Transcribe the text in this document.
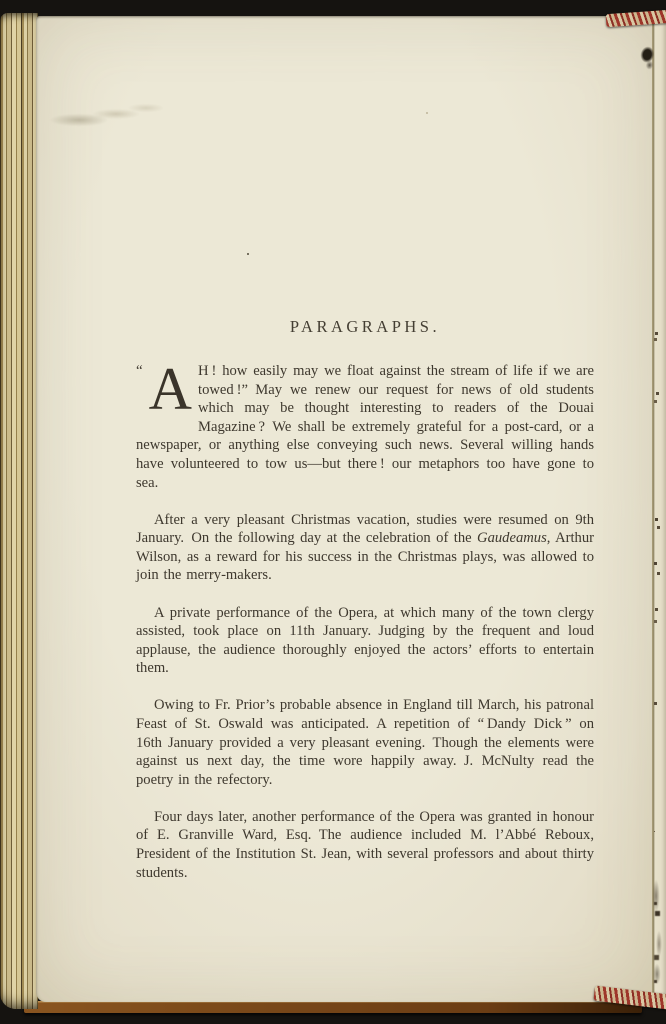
PARAGRAPHS.

“ A H ! how easily may we float against the stream of life if we are towed !” May we renew our request for news of old students which may be thought interesting to readers of the Douai Magazine ? We shall be extremely grateful for a post-card, or a newspaper, or anything else conveying such news. Several willing hands have volunteered to tow us—but there ! our metaphors too have gone to sea.

After a very pleasant Christmas vacation, studies were resumed on 9th January. On the following day at the celebration of the Gaudeamus, Arthur Wilson, as a reward for his success in the Christmas plays, was allowed to join the merry-makers.

A private performance of the Opera, at which many of the town clergy assisted, took place on 11th January. Judging by the frequent and loud applause, the audience thoroughly enjoyed the actors’ efforts to entertain them.

Owing to Fr. Prior’s probable absence in England till March, his patronal Feast of St. Oswald was anticipated. A repetition of “ Dandy Dick ” on 16th January provided a very pleasant evening. Though the elements were against us next day, the time wore happily away. J. McNulty read the poetry in the refectory.

Four days later, another performance of the Opera was granted in honour of E. Granville Ward, Esq. The audience included M. l’Abbé Reboux, President of the Institution St. Jean, with several professors and about thirty students.
